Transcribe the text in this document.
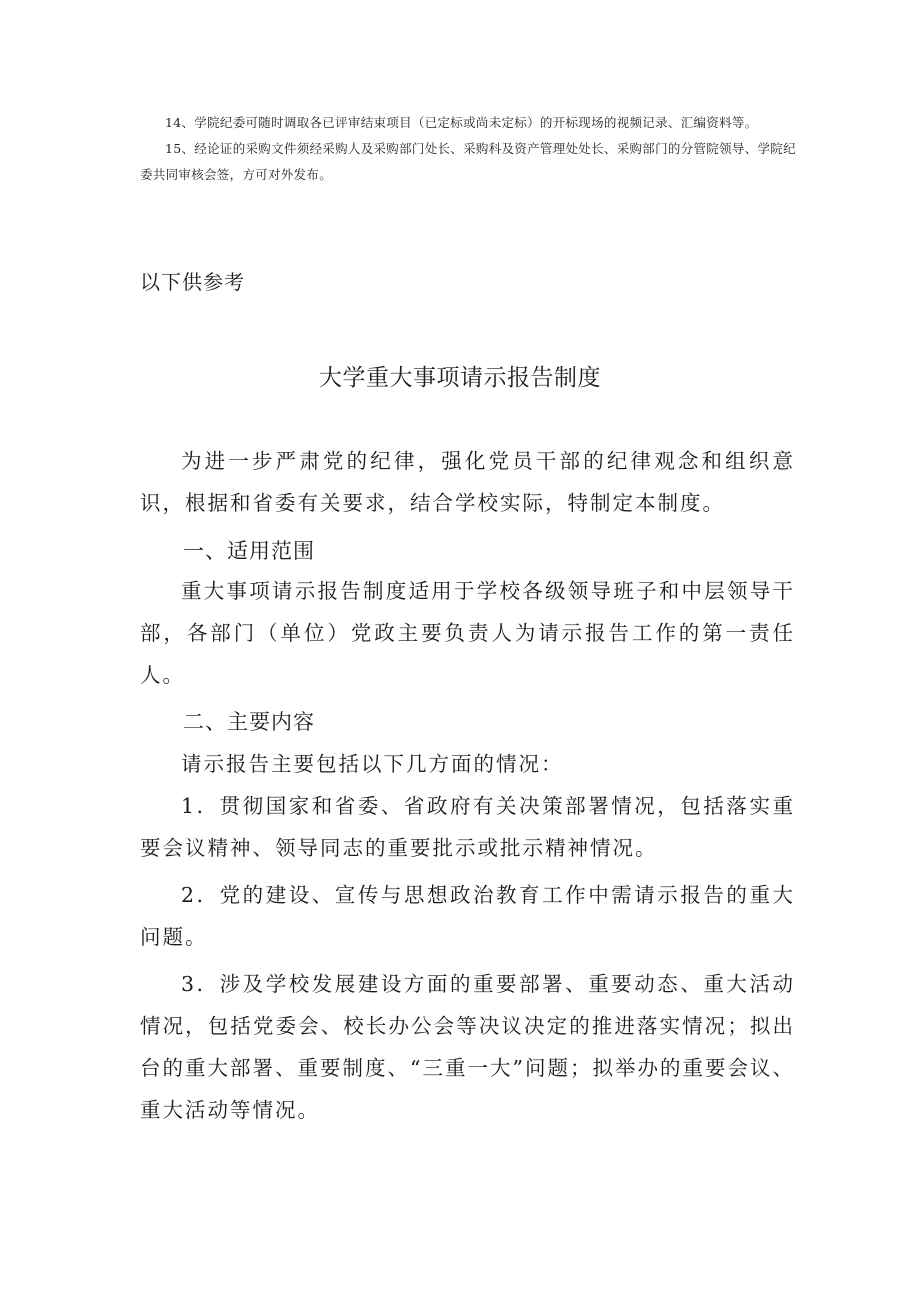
14、学院纪委可随时调取各已评审结束项目（已定标或尚未定标）的开标现场的视频记录、汇编资料等。
15、经论证的采购文件须经采购人及采购部门处长、采购科及资产管理处处长、采购部门的分管院领导、学院纪委共同审核会签，方可对外发布。
以下供参考
大学重大事项请示报告制度
为进一步严肃党的纪律，强化党员干部的纪律观念和组织意识，根据和省委有关要求，结合学校实际，特制定本制度。
一、适用范围
重大事项请示报告制度适用于学校各级领导班子和中层领导干部，各部门（单位）党政主要负责人为请示报告工作的第一责任人。
二、主要内容
请示报告主要包括以下几方面的情况：
1．贯彻国家和省委、省政府有关决策部署情况，包括落实重要会议精神、领导同志的重要批示或批示精神情况。
2．党的建设、宣传与思想政治教育工作中需请示报告的重大问题。
3．涉及学校发展建设方面的重要部署、重要动态、重大活动情况，包括党委会、校长办公会等决议决定的推进落实情况；拟出台的重大部署、重要制度、“三重一大”问题；拟举办的重要会议、重大活动等情况。
